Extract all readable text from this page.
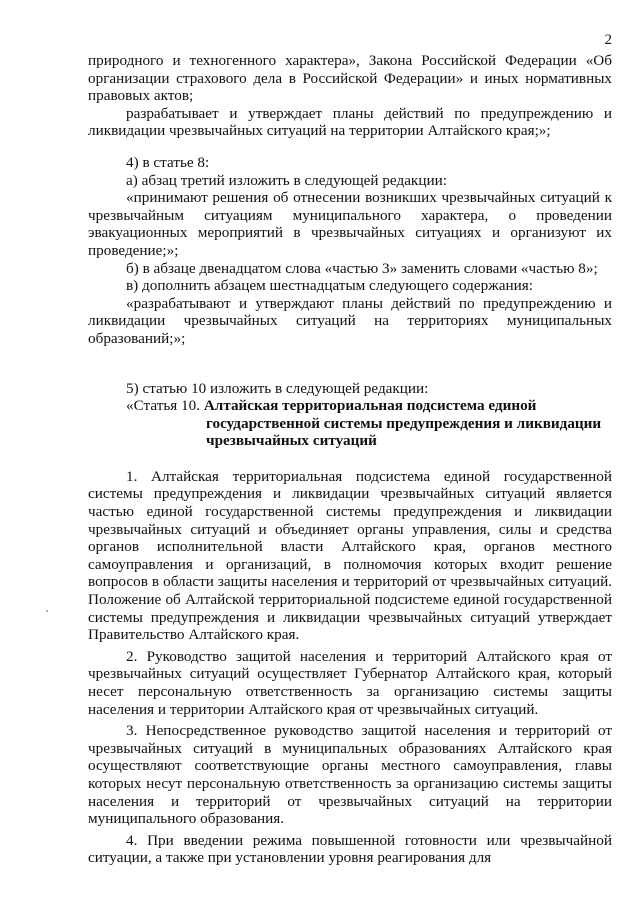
2

природного и техногенного характера», Закона Российской Федерации «Об организации страхового дела в Российской Федерации» и иных нормативных правовых актов;

разрабатывает и утверждает планы действий по предупреждению и ликвидации чрезвычайных ситуаций на территории Алтайского края;»;

4) в статье 8:

а) абзац третий изложить в следующей редакции:

«принимают решения об отнесении возникших чрезвычайных ситуаций к чрезвычайным ситуациям муниципального характера, о проведении эвакуационных мероприятий в чрезвычайных ситуациях и организуют их проведение;»;

б) в абзаце двенадцатом слова «частью 3» заменить словами «частью 8»;

в) дополнить абзацем шестнадцатым следующего содержания:

«разрабатывают и утверждают планы действий по предупреждению и ликвидации чрезвычайных ситуаций на территориях муниципальных образований;»;

5) статью 10 изложить в следующей редакции:

«Статья 10. Алтайская территориальная подсистема единой
государственной системы предупреждения и ликвидации
чрезвычайных ситуаций

1. Алтайская территориальная подсистема единой государственной системы предупреждения и ликвидации чрезвычайных ситуаций является частью единой государственной системы предупреждения и ликвидации чрезвычайных ситуаций и объединяет органы управления, силы и средства органов исполнительной власти Алтайского края, органов местного самоуправления и организаций, в полномочия которых входит решение вопросов в области защиты населения и территорий от чрезвычайных ситуаций. Положение об Алтайской территориальной подсистеме единой государственной системы предупреждения и ликвидации чрезвычайных ситуаций утверждает Правительство Алтайского края.

2. Руководство защитой населения и территорий Алтайского края от чрезвычайных ситуаций осуществляет Губернатор Алтайского края, который несет персональную ответственность за организацию системы защиты населения и территории Алтайского края от чрезвычайных ситуаций.

3. Непосредственное руководство защитой населения и территорий от чрезвычайных ситуаций в муниципальных образованиях Алтайского края осуществляют соответствующие органы местного самоуправления, главы которых несут персональную ответственность за организацию системы защиты населения и территорий от чрезвычайных ситуаций на территории муниципального образования.

4. При введении режима повышенной готовности или чрезвычайной ситуации, а также при установлении уровня реагирования для
